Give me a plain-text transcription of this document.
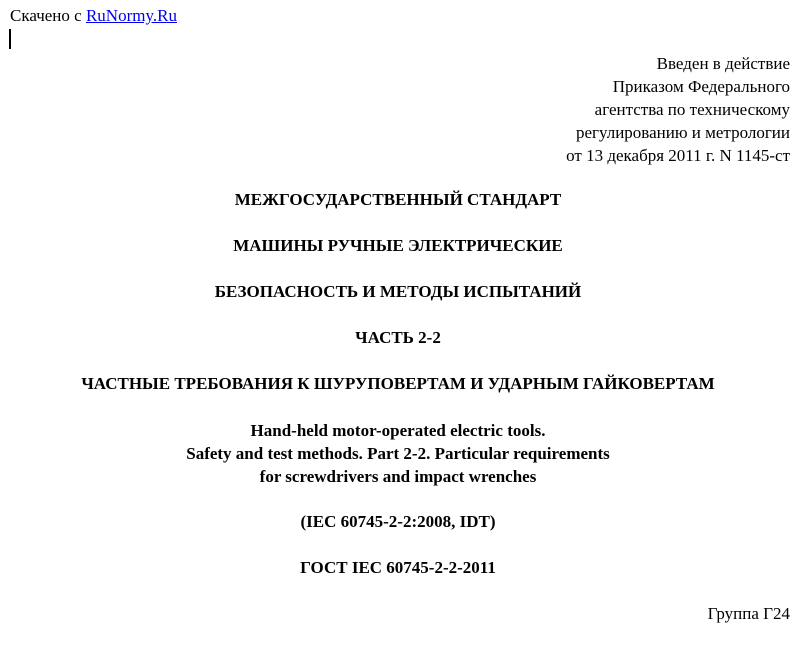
Скачено с RuNormy.Ru
Введен в действие
Приказом Федерального
агентства по техническому
регулированию и метрологии
от 13 декабря 2011 г. N 1145-ст
МЕЖГОСУДАРСТВЕННЫЙ СТАНДАРТ
МАШИНЫ РУЧНЫЕ ЭЛЕКТРИЧЕСКИЕ
БЕЗОПАСНОСТЬ И МЕТОДЫ ИСПЫТАНИЙ
ЧАСТЬ 2-2
ЧАСТНЫЕ ТРЕБОВАНИЯ К ШУРУПОВЕРТАМ И УДАРНЫМ ГАЙКОВЕРТАМ
Hand-held motor-operated electric tools.
Safety and test methods. Part 2-2. Particular requirements
for screwdrivers and impact wrenches
(IEC 60745-2-2:2008, IDT)
ГОСТ IEC 60745-2-2-2011
Группа Г24
